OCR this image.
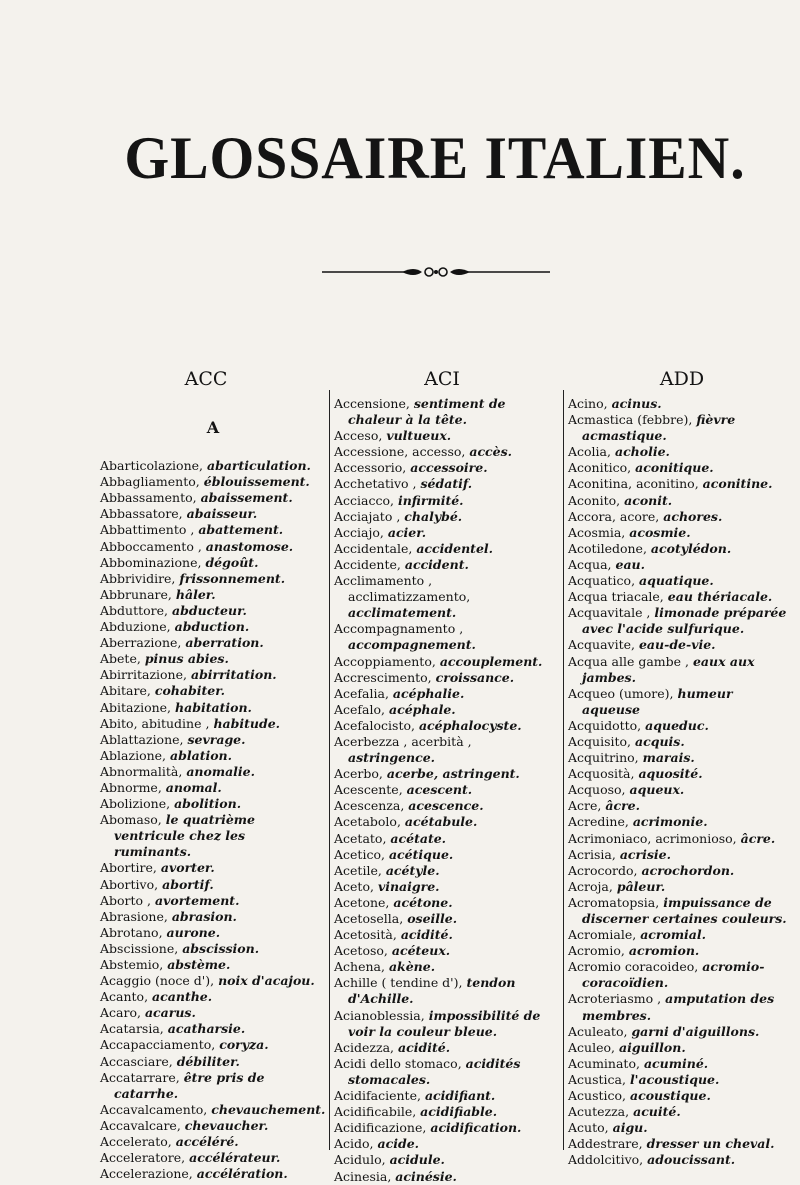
GLOSSAIRE ITALIEN.
ACC	ACI	ADD
A

Abarticolazione, abarticulation.

Abbagliamento, éblouissement.

Abbassamento, abaissement.

Abbassatore, abaisseur.

Abbattimento , abattement.

Abboccamento , anastomose.

Abbominazione, dégoût.

Abbrividire, frissonnement.

Abbrunare, hâler.

Abduttore, abducteur.

Abduzione, abduction.

Aberrazione, aberration.

Abete, pinus abies.

Abirritazione, abirritation.

Abitare, cohabiter.

Abitazione, habitation.

Abito, abitudine , habitude.

Ablattazione, sevrage.

Ablazione, ablation.

Abnormalità, anomalie.

Abnorme, anomal.

Abolizione, abolition.

Abomaso, le quatrième ventricule chez les ruminants.

Abortire, avorter.

Abortivo, abortif.

Aborto , avortement.

Abrasione, abrasion.

Abrotano, aurone.

Abscissione, abscission.

Abstemio, abstème.

Acaggio (noce d'), noix d'acajou.

Acanto, acanthe.

Acaro, acarus.

Acatarsia, acatharsie.

Accapacciamento, coryza.

Accasciare, débiliter.

Accatarrare, être pris de catarrhe.

Accavalcamento, chevauchement.

Accavalcare, chevaucher.

Accelerato, accéléré.

Acceleratore, accélérateur.

Accelerazione, accélération.

Accensione, sentiment de chaleur à la tête.

Acceso, vultueux.

Accessione, accesso, accès.

Accessorio, accessoire.

Acchetativo , sédatif.

Acciacco, infirmité.

Acciajato , chalybé.

Acciajo, acier.

Accidentale, accidentel.

Accidente, accident.

Acclimamento , acclimatizzamento, acclimatement.

Accompagnamento , accompagnement.

Accoppiamento, accouplement.

Accrescimento, croissance.

Acefalia, acéphalie.

Acefalo, acéphale.

Acefalocisto, acéphalocyste.

Acerbezza , acerbità , astringence.

Acerbo, acerbe, astringent.

Acescente, acescent.

Acescenza, acescence.

Acetabolo, acétabule.

Acetato, acétate.

Acetico, acétique.

Acetile, acétyle.

Aceto, vinaigre.

Acetone, acétone.

Acetosella, oseille.

Acetosità, acidité.

Acetoso, acéteux.

Achena, akène.

Achille ( tendine d'), tendon d'Achille.

Acianoblessia, impossibilité de voir la couleur bleue.

Acidezza, acidité.

Acidi dello stomaco, acidités stomacales.

Acidifaciente, acidifiant.

Acidificabile, acidifiable.

Acidificazione, acidification.

Acido, acide.

Acidulo, acidule.

Acinesia, acinésie.

Acino, acinus.

Acmastica (febbre), fièvre acmastique.

Acolia, acholie.

Aconitico, aconitique.

Aconitina, aconitino, aconitine.

Aconito, aconit.

Accora, acore, achores.

Acosmia, acosmie.

Acotiledone, acotylédon.

Acqua, eau.

Acquatico, aquatique.

Acqua triacale, eau thériacale.

Acquavitale , limonade préparée avec l'acide sulfurique.

Acquavite, eau-de-vie.

Acqua alle gambe , eaux aux jambes.

Acqueo (umore), humeur aqueuse

Acquidotto, aqueduc.

Acquisito, acquis.

Acquitrino, marais.

Acquosità, aquosité.

Acquoso, aqueux.

Acre, âcre.

Acredine, acrimonie.

Acrimoniaco, acrimonioso, âcre.

Acrisia, acrisie.

Acrocordo, acrochordon.

Acroja, pâleur.

Acromatopsia, impuissance de discerner certaines couleurs.

Acromiale, acromial.

Acromio, acromion.

Acromio coracoideo, acromio-coracoïdien.

Acroteriasmo , amputation des membres.

Aculeato, garni d'aiguillons.

Aculeo, aiguillon.

Acuminato, acuminé.

Acustica, l'acoustique.

Acustico, acoustique.

Acutezza, acuité.

Acuto, aigu.

Addestrare, dresser un cheval.

Addolcitivo, adoucissant.
